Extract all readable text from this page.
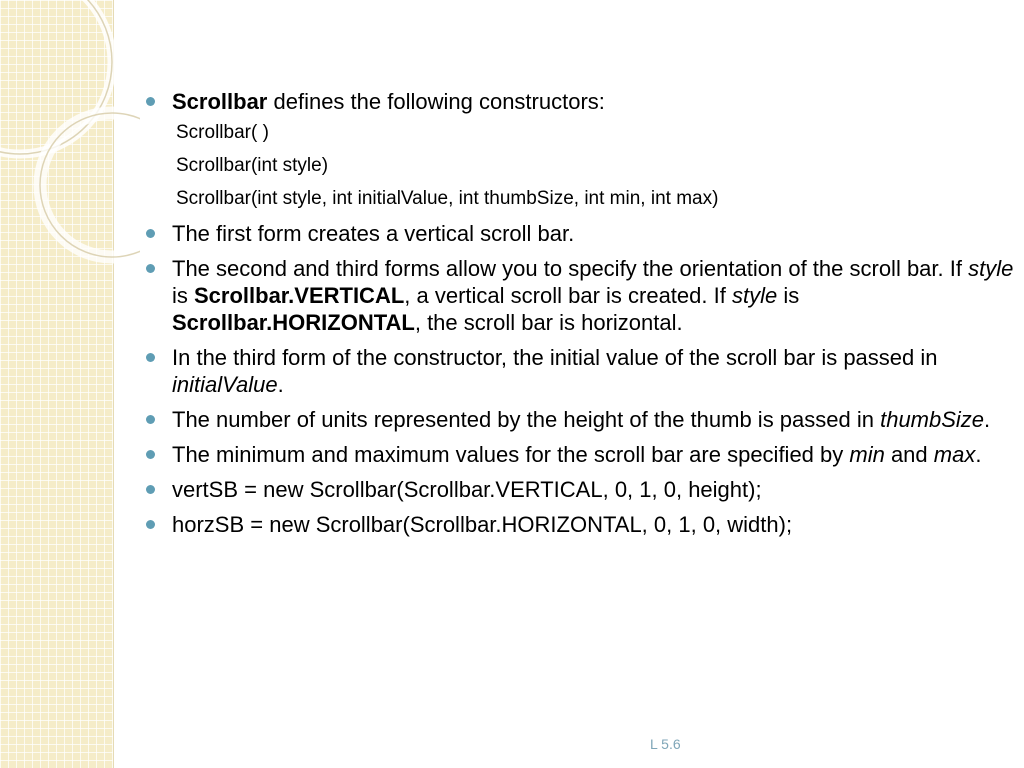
Scrollbar defines the following constructors:
Scrollbar( )
Scrollbar(int style)
Scrollbar(int style, int initialValue, int thumbSize, int min, int max)
The first form creates a vertical scroll bar.
The second and third forms allow you to specify the orientation of the scroll bar. If style is Scrollbar.VERTICAL, a vertical scroll bar is created. If style is Scrollbar.HORIZONTAL, the scroll bar is horizontal.
In the third form of the constructor, the initial value of the scroll bar is passed in initialValue.
The number of units represented by the height of the thumb is passed in thumbSize.
The minimum and maximum values for the scroll bar are specified by min and max.
vertSB = new Scrollbar(Scrollbar.VERTICAL, 0, 1, 0, height);
horzSB = new Scrollbar(Scrollbar.HORIZONTAL, 0, 1, 0, width);
L 5.6
